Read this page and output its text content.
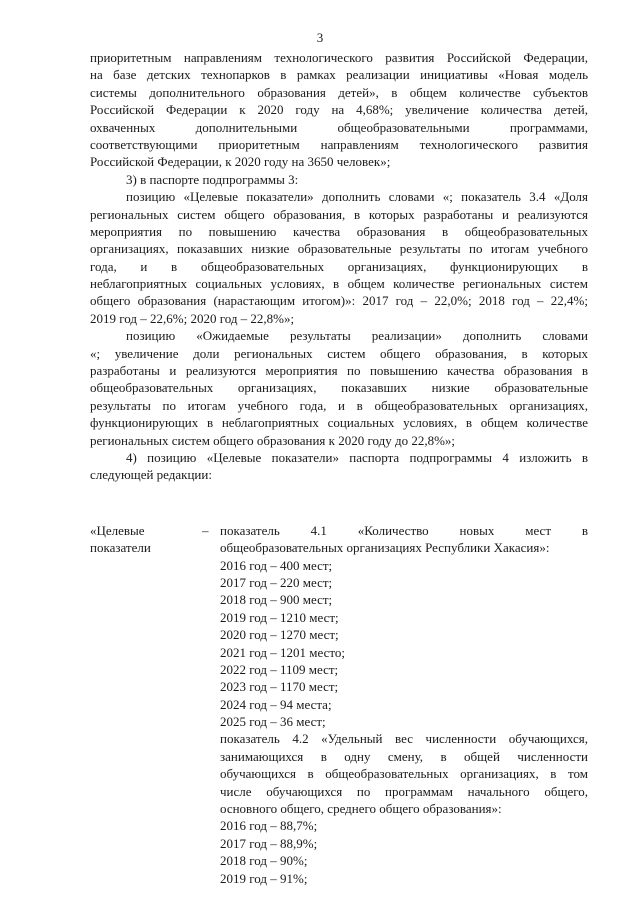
3
приоритетным направлениям технологического развития Российской Федерации,
на базе детских технопарков в рамках реализации инициативы «Новая модель
системы дополнительного образования детей», в общем количестве субъектов
Российской Федерации к 2020 году на 4,68%; увеличение количества детей,
охваченных дополнительными общеобразовательными программами,
соответствующими приоритетным направлениям технологического развития
Российской Федерации, к 2020 году на 3650 человек»;
3) в паспорте подпрограммы 3:
позицию «Целевые показатели» дополнить словами «; показатель 3.4 «Доля
региональных систем общего образования, в которых разработаны и реализуются
мероприятия по повышению качества образования в общеобразовательных
организациях, показавших низкие образовательные результаты по итогам учебного
года, и в общеобразовательных организациях, функционирующих в
неблагоприятных социальных условиях, в общем количестве региональных систем
общего образования (нарастающим итогом)»: 2017 год – 22,0%; 2018 год – 22,4%;
2019 год – 22,6%; 2020 год – 22,8%»;
позицию «Ожидаемые результаты реализации» дополнить словами
«; увеличение доли региональных систем общего образования, в которых
разработаны и реализуются мероприятия по повышению качества образования в
общеобразовательных организациях, показавших низкие образовательные
результаты по итогам учебного года, и в общеобразовательных организациях,
функционирующих в неблагоприятных социальных условиях, в общем количестве
региональных систем общего образования к 2020 году до 22,8%»;
4) позицию «Целевые показатели» паспорта подпрограммы 4 изложить в
следующей редакции:
«Целевые	– показатель 4.1 «Количество новых мест в
показатели	общеобразовательных организациях Республики Хакасия»:
2016 год – 400 мест;
2017 год – 220 мест;
2018 год – 900 мест;
2019 год – 1210 мест;
2020 год – 1270 мест;
2021 год – 1201 место;
2022 год – 1109 мест;
2023 год – 1170 мест;
2024 год – 94 места;
2025 год – 36 мест;
показатель 4.2 «Удельный вес численности обучающихся,
занимающихся в одну смену, в общей численности
обучающихся в общеобразовательных организациях, в том
числе обучающихся по программам начального общего,
основного общего, среднего общего образования»:
2016 год – 88,7%;
2017 год – 88,9%;
2018 год – 90%;
2019 год – 91%;
